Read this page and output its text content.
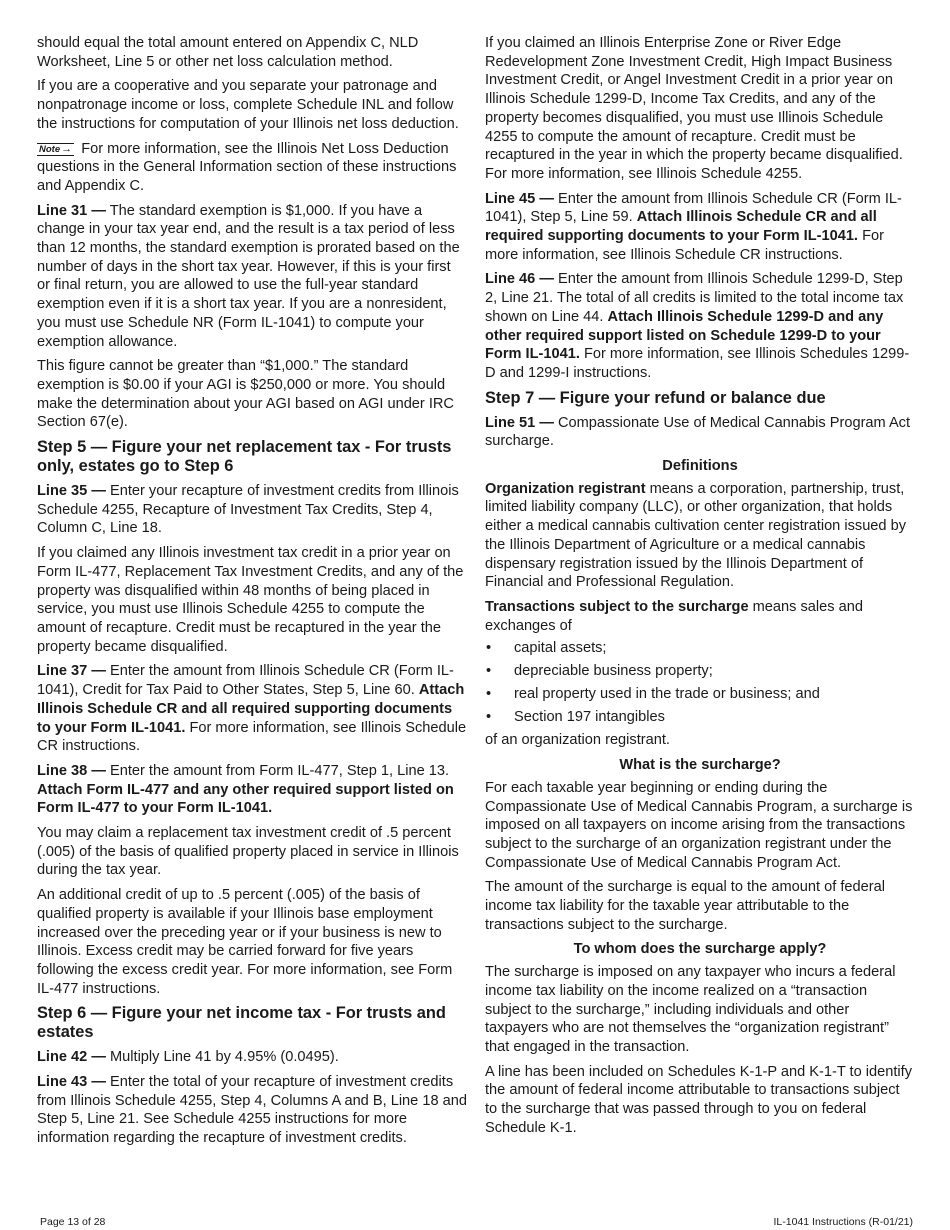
should equal the total amount entered on Appendix C, NLD Worksheet, Line 5 or other net loss calculation method.

If you are a cooperative and you separate your patronage and nonpatronage income or loss, complete Schedule INL and follow the instructions for computation of your Illinois net loss deduction.

Note → For more information, see the Illinois Net Loss Deduction questions in the General Information section of these instructions and Appendix C.

Line 31 — The standard exemption is $1,000. If you have a change in your tax year end, and the result is a tax period of less than 12 months, the standard exemption is prorated based on the number of days in the short tax year. However, if this is your first or final return, you are allowed to use the full-year standard exemption even if it is a short tax year. If you are a nonresident, you must use Schedule NR (Form IL-1041) to compute your exemption allowance.

This figure cannot be greater than “$1,000.” The standard exemption is $0.00 if your AGI is $250,000 or more. You should make the determination about your AGI based on AGI under IRC Section 67(e).

Step 5 — Figure your net replacement tax - For trusts only, estates go to Step 6

Line 35 — Enter your recapture of investment credits from Illinois Schedule 4255, Recapture of Investment Tax Credits, Step 4, Column C, Line 18.

If you claimed any Illinois investment tax credit in a prior year on Form IL-477, Replacement Tax Investment Credits, and any of the property was disqualified within 48 months of being placed in service, you must use Illinois Schedule 4255 to compute the amount of recapture. Credit must be recaptured in the year the property became disqualified.

Line 37 — Enter the amount from Illinois Schedule CR (Form IL-1041), Credit for Tax Paid to Other States, Step 5, Line 60. Attach Illinois Schedule CR and all required supporting documents to your Form IL-1041. For more information, see Illinois Schedule CR instructions.

Line 38 — Enter the amount from Form IL-477, Step 1, Line 13. Attach Form IL-477 and any other required support listed on Form IL-477 to your Form IL-1041.

You may claim a replacement tax investment credit of .5 percent (.005) of the basis of qualified property placed in service in Illinois during the tax year.

An additional credit of up to .5 percent (.005) of the basis of qualified property is available if your Illinois base employment increased over the preceding year or if your business is new to Illinois. Excess credit may be carried forward for five years following the excess credit year. For more information, see Form IL-477 instructions.

Step 6 — Figure your net income tax - For trusts and estates

Line 42 — Multiply Line 41 by 4.95% (0.0495).

Line 43 — Enter the total of your recapture of investment credits from Illinois Schedule 4255, Step 4, Columns A and B, Line 18 and Step 5, Line 21. See Schedule 4255 instructions for more information regarding the recapture of investment credits.

If you claimed an Illinois Enterprise Zone or River Edge Redevelopment Zone Investment Credit, High Impact Business Investment Credit, or Angel Investment Credit in a prior year on Illinois Schedule 1299-D, Income Tax Credits, and any of the property becomes disqualified, you must use Illinois Schedule 4255 to compute the amount of recapture. Credit must be recaptured in the year in which the property became disqualified. For more information, see Illinois Schedule 4255.

Line 45 — Enter the amount from Illinois Schedule CR (Form IL-1041), Step 5, Line 59. Attach Illinois Schedule CR and all required supporting documents to your Form IL-1041. For more information, see Illinois Schedule CR instructions.

Line 46 — Enter the amount from Illinois Schedule 1299-D, Step 2, Line 21. The total of all credits is limited to the total income tax shown on Line 44. Attach Illinois Schedule 1299-D and any other required support listed on Schedule 1299-D to your Form IL-1041. For more information, see Illinois Schedules 1299-D and 1299-I instructions.

Step 7 — Figure your refund or balance due

Line 51 — Compassionate Use of Medical Cannabis Program Act surcharge.

Definitions

Organization registrant means a corporation, partnership, trust, limited liability company (LLC), or other organization, that holds either a medical cannabis cultivation center registration issued by the Illinois Department of Agriculture or a medical cannabis dispensary registration issued by the Illinois Department of Financial and Professional Regulation.

Transactions subject to the surcharge means sales and exchanges of

• capital assets;
• depreciable business property;
• real property used in the trade or business; and
• Section 197 intangibles

of an organization registrant.

What is the surcharge?

For each taxable year beginning or ending during the Compassionate Use of Medical Cannabis Program, a surcharge is imposed on all taxpayers on income arising from the transactions subject to the surcharge of an organization registrant under the Compassionate Use of Medical Cannabis Program Act.

The amount of the surcharge is equal to the amount of federal income tax liability for the taxable year attributable to the transactions subject to the surcharge.

To whom does the surcharge apply?

The surcharge is imposed on any taxpayer who incurs a federal income tax liability on the income realized on a “transaction subject to the surcharge,” including individuals and other taxpayers who are not themselves the “organization registrant” that engaged in the transaction.

A line has been included on Schedules K-1-P and K-1-T to identify the amount of federal income attributable to transactions subject to the surcharge that was passed through to you on federal Schedule K-1.

Page 13 of 28	IL-1041 Instructions (R-01/21)
